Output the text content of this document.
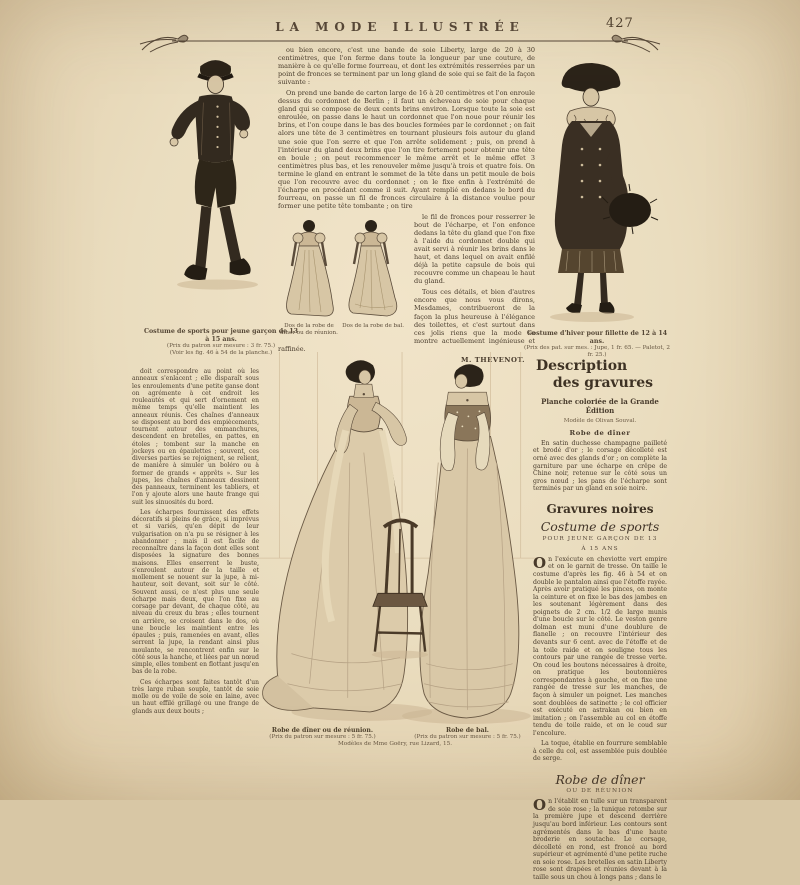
LA MODE ILLUSTRÉE	427
Costume de sports pour jeune garçon de 13 à 15 ans.
(Prix du patron sur mesure : 3 fr. 75.)
(Voir les fig. 46 à 54 de la planche.)
Costume d'hiver pour fillette de 12 à 14 ans.
(Prix des pat. sur mes. : Jupe, 1 fr. 65. — Paletot, 2 fr. 25.)

ou bien encore, c'est une bande de soie Liberty, large de 20 à 30 centimètres, que l'on ferme dans toute la longueur par une couture, de manière à ce qu'elle forme fourreau, et dont les extrémités resserrées par un point de fronces se terminent par un long gland de soie qui se fait de la façon suivante :

On prend une bande de carton large de 16 à 20 centimètres et l'on enroule dessus du cordonnet de Berlin ; il faut un écheveau de soie pour chaque gland qui se compose de deux cents brins environ. Lorsque toute la soie est enroulée, on passe dans le haut un cordonnet que l'on noue pour réunir les brins, et l'on coupe dans le bas des boucles formées par le cordonnet ; on fait alors une tête de 3 centimètres en tournant plusieurs fois autour du gland une soie que l'on serre et que l'on arrête solidement ; puis, on prend à l'intérieur du gland deux brins que l'on tire fortement pour obtenir une tête en boule ; on peut recommencer le même arrêt et le même effet 3 centimètres plus bas, et les renouveler même jusqu'à trois et quatre fois. On termine le gland en entrant le sommet de la tête dans un petit moule de bois que l'on recouvre avec du cordonnet ; on le fixe enfin à l'extrémité de l'écharpe en procédant comme il suit. Ayant remplié en dedans le bord du fourreau, on passe un fil de fronces circulaire à la distance voulue pour former une petite tête tombante ; on tire

Dos de la robe de dîner ou de réunion.

Dos de la robe de bal.

le fil de fronces pour resserrer le bout de l'écharpe, et l'on enfonce dedans la tête du gland que l'on fixe à l'aide du cordonnet double qui avait servi à réunir les brins dans le haut, et dans lequel on avait enfilé déjà la petite capsule de bois qui recouvre comme un chapeau le haut du gland.

Tous ces détails, et bien d'autres encore que nous vous dirons, Mesdames, contribueront de la façon la plus heureuse à l'élégance des toilettes, et c'est surtout dans ces jolis riens que la mode se montre actuellement ingénieuse et raffinée.

M. THEVENOT.

doit correspondre au point où les anneaux s'enlacent ; elle disparaît sous les enroulements d'une petite ganse dont on agrémente à cet endroit les rouleautés et qui sert d'ornement en même temps qu'elle maintient les anneaux réunis. Ces chaînes d'anneaux se disposent au bord des empiècements, tournent autour des emmanchures, descendent en bretelles, en pattes, en étoles ; tombent sur la manche en jockeys ou en épaulettes ; souvent, ces diverses parties se rejoignent, se relient, de manière à simuler un boléro ou à former de grands « apprêts ». Sur les jupes, les chaînes d'anneaux dessinent des panneaux, terminent les tabliers, et l'on y ajoute alors une haute frange qui suit les sinuosités du bord.

Les écharpes fournissent des effets décoratifs si pleins de grâce, si imprévus et si variés, qu'en dépit de leur vulgarisation on n'a pu se résigner à les abandonner ; mais il est facile de reconnaître dans la façon dont elles sont disposées la signature des bonnes maisons. Elles enserrent le buste, s'enroulent autour de la taille et mollement se nouent sur la jupe, à mi-hauteur, soit devant, soit sur le côté. Souvent aussi, ce n'est plus une seule écharpe mais deux, que l'on fixe au corsage par devant, de chaque côté, au niveau du creux du bras ; elles tournent en arrière, se croisent dans le dos, où une boucle les maintient entre les épaules ; puis, ramenées en avant, elles serrent la jupe, la rendant ainsi plus moulante, se rencontrent enfin sur le côté sous la hanche, et liées par un nœud simple, elles tombent en flottant jusqu'en bas de la robe.

Ces écharpes sont faites tantôt d'un très large ruban souple, tantôt de soie molle ou de voile de soie en laine, avec un haut effilé grillagé ou une frange de glands aux deux bouts ;

Robe de dîner ou de réunion.
(Prix du patron sur mesure : 5 fr. 75.)
Robe de bal.
(Prix du patron sur mesure : 5 fr. 75.)
Modèles de Mme Goëry, rue Lizard, 15.
Description
des gravures
Planche coloriée de la Grande
Édition
Modèle de Olivan Souval.
Robe de dîner

En satin duchesse champagne pailleté et brodé d'or ; le corsage décolleté est orné avec des glands d'or ; on complète la garniture par une écharpe en crêpe de Chine noir, retenue sur le côté sous un gros nœud ; les pans de l'écharpe sont terminés par un gland en soie noire.

Gravures noires
Costume de sports
POUR JEUNE GARÇON DE 13
À 15 ANS

On l'exécute en cheviotte vert empire et on le garnit de tresse. On taille le costume d'après les fig. 46 à 54 et on double le pantalon ainsi que l'étoffe rayée. Après avoir pratiqué les pinces, on monte la ceinture et on fixe le bas des jambes en les soutenant légèrement dans des poignets de 2 cm. 1/2 de large munis d'une boucle sur le côté. Le veston genre dolman est muni d'une doublure de flanelle ; on recouvre l'intérieur des devants sur 6 cent. avec de l'étoffe et de la toile raide et on souligne tous les contours par une rangée de tresse verte. On coud les boutons nécessaires à droite, on pratique les boutonnières correspondantes à gauche, et on fixe une rangée de tresse sur les manches, de façon à simuler un poignet. Les manches sont doublées de satinette ; le col officier est exécuté en astrakan ou bien en imitation ; on l'assemble au col en étoffe tendu de toile raide, et on le coud sur l'encolure.

La toque, établie en fourrure semblable à celle du col, est assemblée puis doublée de serge.

Robe de dîner
OU DE RÉUNION

On l'établit en tulle sur un transparent de soie rose ; la tunique retombe sur la première jupe et descend derrière jusqu'au bord inférieur. Les contours sont agrémentés dans le bas d'une haute broderie en soutache. Le corsage, décolleté en rond, est froncé au bord supérieur et agrémenté d'une petite ruche en soie rose. Les bretelles en satin Liberty rose sont drapées et réunies devant à la taille sous un chou à longs pans ; dans le
